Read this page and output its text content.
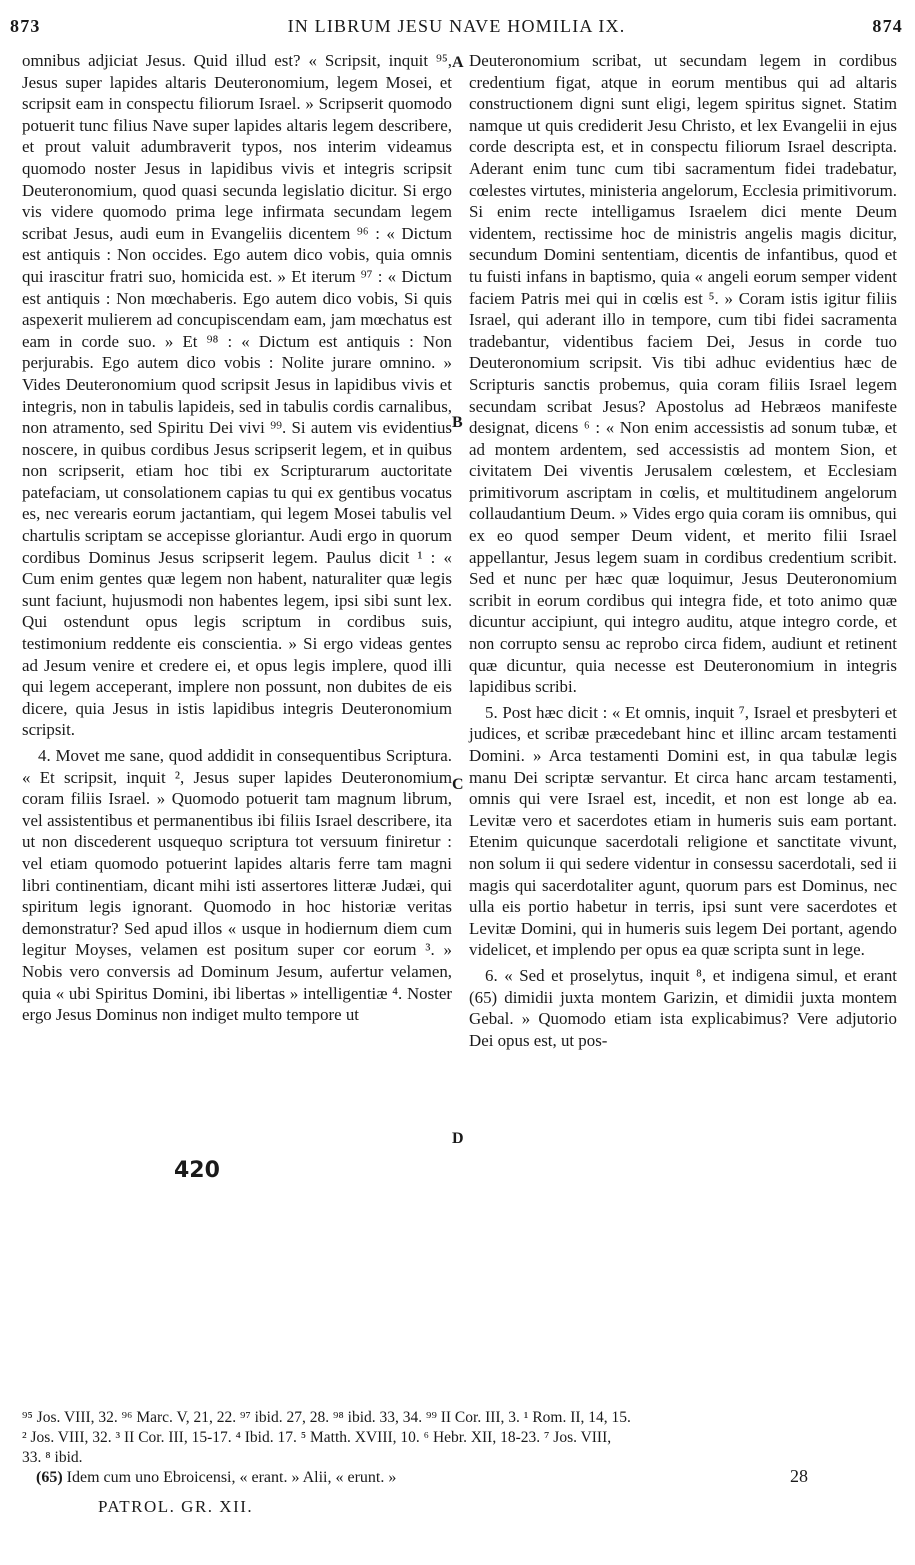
873	IN LIBRUM JESU NAVE HOMILIA IX.	874

omnibus adjiciat Jesus. Quid illud est? « Scripsit, inquit ⁹⁵, Jesus super lapides altaris Deuteronomium, legem Mosei, et scripsit eam in conspectu filiorum Israel. » Scripserit quomodo potuerit tunc filius Nave super lapides altaris legem describere, et prout valuit adumbraverit typos, nos interim videamus quomodo noster Jesus in lapidibus vivis et integris scripsit Deuteronomium, quod quasi secunda legislatio dicitur. Si ergo vis videre quomodo prima lege infirmata secundam legem scribat Jesus, audi eum in Evangeliis dicentem ⁹⁶ : « Dictum est antiquis : Non occides. Ego autem dico vobis, quia omnis qui irascitur fratri suo, homicida est. » Et iterum ⁹⁷ : « Dictum est antiquis : Non mœchaberis. Ego autem dico vobis, Si quis aspexerit mulierem ad concupiscendam eam, jam mœchatus est eam in corde suo. » Et ⁹⁸ : « Dictum est antiquis : Non perjurabis. Ego autem dico vobis : Nolite jurare omnino. » Vides Deuteronomium quod scripsit Jesus in lapidibus vivis et integris, non in tabulis lapideis, sed in tabulis cordis carnalibus, non atramento, sed Spiritu Dei vivi ⁹⁹. Si autem vis evidentius noscere, in quibus cordibus Jesus scripserit legem, et in quibus non scripserit, etiam hoc tibi ex Scripturarum auctoritate patefaciam, ut consolationem capias tu qui ex gentibus vocatus es, nec verearis eorum jactantiam, qui legem Mosei tabulis vel chartulis scriptam se accepisse gloriantur. Audi ergo in quorum cordibus Dominus Jesus scripserit legem. Paulus dicit ¹ : « Cum enim gentes quæ legem non habent, naturaliter quæ legis sunt faciunt, hujusmodi non habentes legem, ipsi sibi sunt lex. Qui ostendunt opus legis scriptum in cordibus suis, testimonium reddente eis conscientia. » Si ergo videas gentes ad Jesum venire et credere ei, et opus legis implere, quod illi qui legem acceperant, implere non possunt, non dubites de eis dicere, quia Jesus in istis lapidibus integris Deuteronomium scripsit.

4. Movet me sane, quod addidit in consequentibus Scriptura. « Et scripsit, inquit ², Jesus super lapides Deuteronomium coram filiis Israel. » Quomodo potuerit tam magnum librum, vel assistentibus et permanentibus ibi filiis Israel describere, ita ut non discederent usquequo scriptura tot versuum finiretur : vel etiam quomodo potuerint lapides altaris ferre tam magni libri continentiam, dicant mihi isti assertores litteræ Judæi, qui spiritum legis ignorant. Quomodo in hoc historiæ veritas demonstratur? Sed apud illos « usque in hodiernum diem cum legitur Moyses, velamen est positum super cor eorum ³. » Nobis vero conversis ad Dominum Jesum, aufertur velamen, quia « ubi Spiritus Domini, ibi libertas » intelligentiæ ⁴. Noster ergo Jesus Dominus non indiget multo tempore ut

Deuteronomium scribat, ut secundam legem in cordibus credentium figat, atque in eorum mentibus qui ad altaris constructionem digni sunt eligi, legem spiritus signet. Statim namque ut quis crediderit Jesu Christo, et lex Evangelii in ejus corde descripta est, et in conspectu filiorum Israel descripta. Aderant enim tunc cum tibi sacramentum fidei tradebatur, cœlestes virtutes, ministeria angelorum, Ecclesia primitivorum. Si enim recte intelligamus Israelem dici mente Deum videntem, rectissime hoc de ministris angelis magis dicitur, secundum Domini sententiam, dicentis de infantibus, quod et tu fuisti infans in baptismo, quia « angeli eorum semper vident faciem Patris mei qui in cœlis est ⁵. » Coram istis igitur filiis Israel, qui aderant illo in tempore, cum tibi fidei sacramenta tradebantur, videntibus faciem Dei, Jesus in corde tuo Deuteronomium scripsit. Vis tibi adhuc evidentius hæc de Scripturis sanctis probemus, quia coram filiis Israel legem secundam scribat Jesus? Apostolus ad Hebræos manifeste designat, dicens ⁶ : « Non enim accessistis ad sonum tubæ, et ad montem ardentem, sed accessistis ad montem Sion, et civitatem Dei viventis Jerusalem cœlestem, et Ecclesiam primitivorum ascriptam in cœlis, et multitudinem angelorum collaudantium Deum. » Vides ergo quia coram iis omnibus, qui ex eo quod semper Deum vident, et merito filii Israel appellantur, Jesus legem suam in cordibus credentium scribit. Sed et nunc per hæc quæ loquimur, Jesus Deuteronomium scribit in eorum cordibus qui integra fide, et toto animo quæ dicuntur accipiunt, qui integro auditu, atque integro corde, et non corrupto sensu ac reprobo circa fidem, audiunt et retinent quæ dicuntur, quia necesse est Deuteronomium in integris lapidibus scribi.

5. Post hæc dicit : « Et omnis, inquit ⁷, Israel et presbyteri et judices, et scribæ præcedebant hinc et illinc arcam testamenti Domini. » Arca testamenti Domini est, in qua tabulæ legis manu Dei scriptæ servantur. Et circa hanc arcam testamenti, omnis qui vere Israel est, incedit, et non est longe ab ea. Levitæ vero et sacerdotes etiam in humeris suis eam portant. Etenim quicunque sacerdotali religione et sanctitate vivunt, non solum ii qui sedere videntur in consessu sacerdotali, sed ii magis qui sacerdotaliter agunt, quorum pars est Dominus, nec ulla eis portio habetur in terris, ipsi sunt vere sacerdotes et Levitæ Domini, qui in humeris suis legem Dei portant, agendo videlicet, et implendo per opus ea quæ scripta sunt in lege.

6. « Sed et proselytus, inquit ⁸, et indigena simul, et erant (65) dimidii juxta montem Garizin, et dimidii juxta montem Gebal. » Quomodo etiam ista explicabimus? Vere adjutorio Dei opus est, ut pos-

A
B
C
D
420

⁹⁵ Jos. VIII, 32. ⁹⁶ Marc. V, 21, 22. ⁹⁷ ibid. 27, 28. ⁹⁸ ibid. 33, 34. ⁹⁹ II Cor. III, 3. ¹ Rom. II, 14, 15.

² Jos. VIII, 32. ³ II Cor. III, 15-17. ⁴ Ibid. 17. ⁵ Matth. XVIII, 10. ⁶ Hebr. XII, 18-23. ⁷ Jos. VIII,

33. ⁸ ibid.

(65) Idem cum uno Ebroicensi, « erant. » Alii, « erunt. »	28
PATROL. GR. XII.
